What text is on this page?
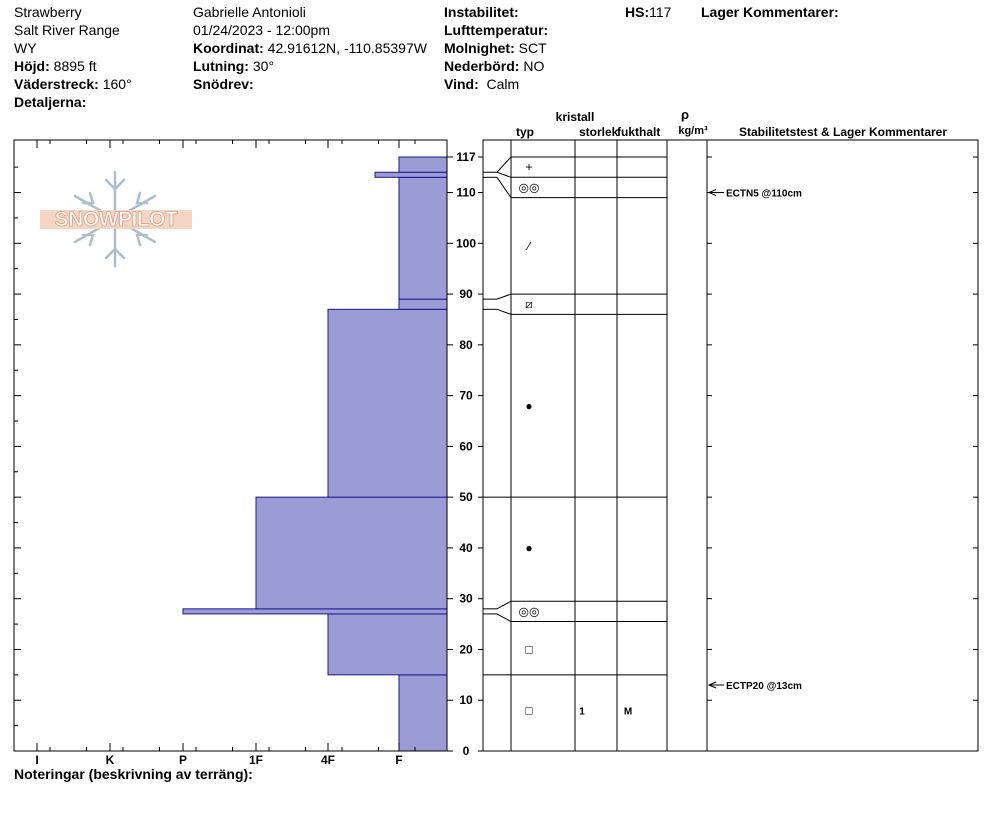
Strawberry
Salt River Range
WY
Höjd: 8895 ft
Väderstreck: 160°
Detaljerna:
Gabrielle Antonioli
01/24/2023 - 12:00pm
Koordinat: 42.91612N, -110.85397W
Lutning: 30°
Snödrev:
Instabilitet:
Lufttemperatur:
Molnighet: SCT
Nederbörd: NO
Vind: Calm
HS:117 Lager Kommentarer:
Noteringar (beskrivning av terräng):
SNOWPILOT
I	K	P	1F	4F	F
0
10
20
30
40
50
60
70
80
90
100
110
117
□	1	M
□
◎◎
●
●
⧄
∕
◎◎
+
ECTN5 @110cm
ECTP20 @13cm
kristall
typ	storlek
fukthalt
ρ
kg/m³	Stabilitetstest & Lager Kommentarer
